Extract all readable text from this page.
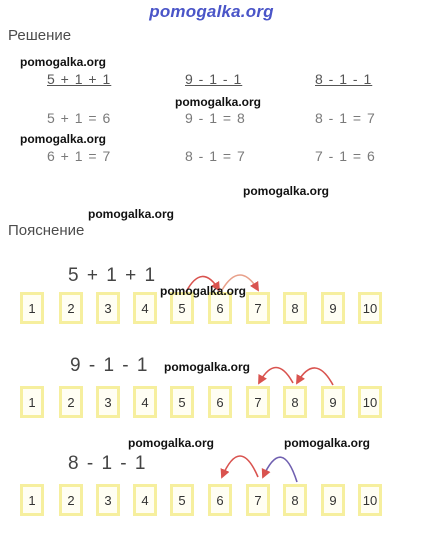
pomogalka.org
Решение
5 + 1 + 1	9 - 1 - 1	8 - 1 - 1
5 + 1 = 6	9 - 1 = 8	8 - 1 = 7
6 + 1 = 7	8 - 1 = 7	7 - 1 = 6
Пояснение
5 + 1 + 1
9 - 1 - 1
8 - 1 - 1
1	2	3	4	5	6	7	8	9	10
1	2	3	4	5	6	7	8	9	10
1	2	3	4	5	6	7	8	9	10
pomogalka.org
pomogalka.org
pomogalka.org
pomogalka.org
pomogalka.org
pomogalka.org
pomogalka.org
pomogalka.org	pomogalka.org
